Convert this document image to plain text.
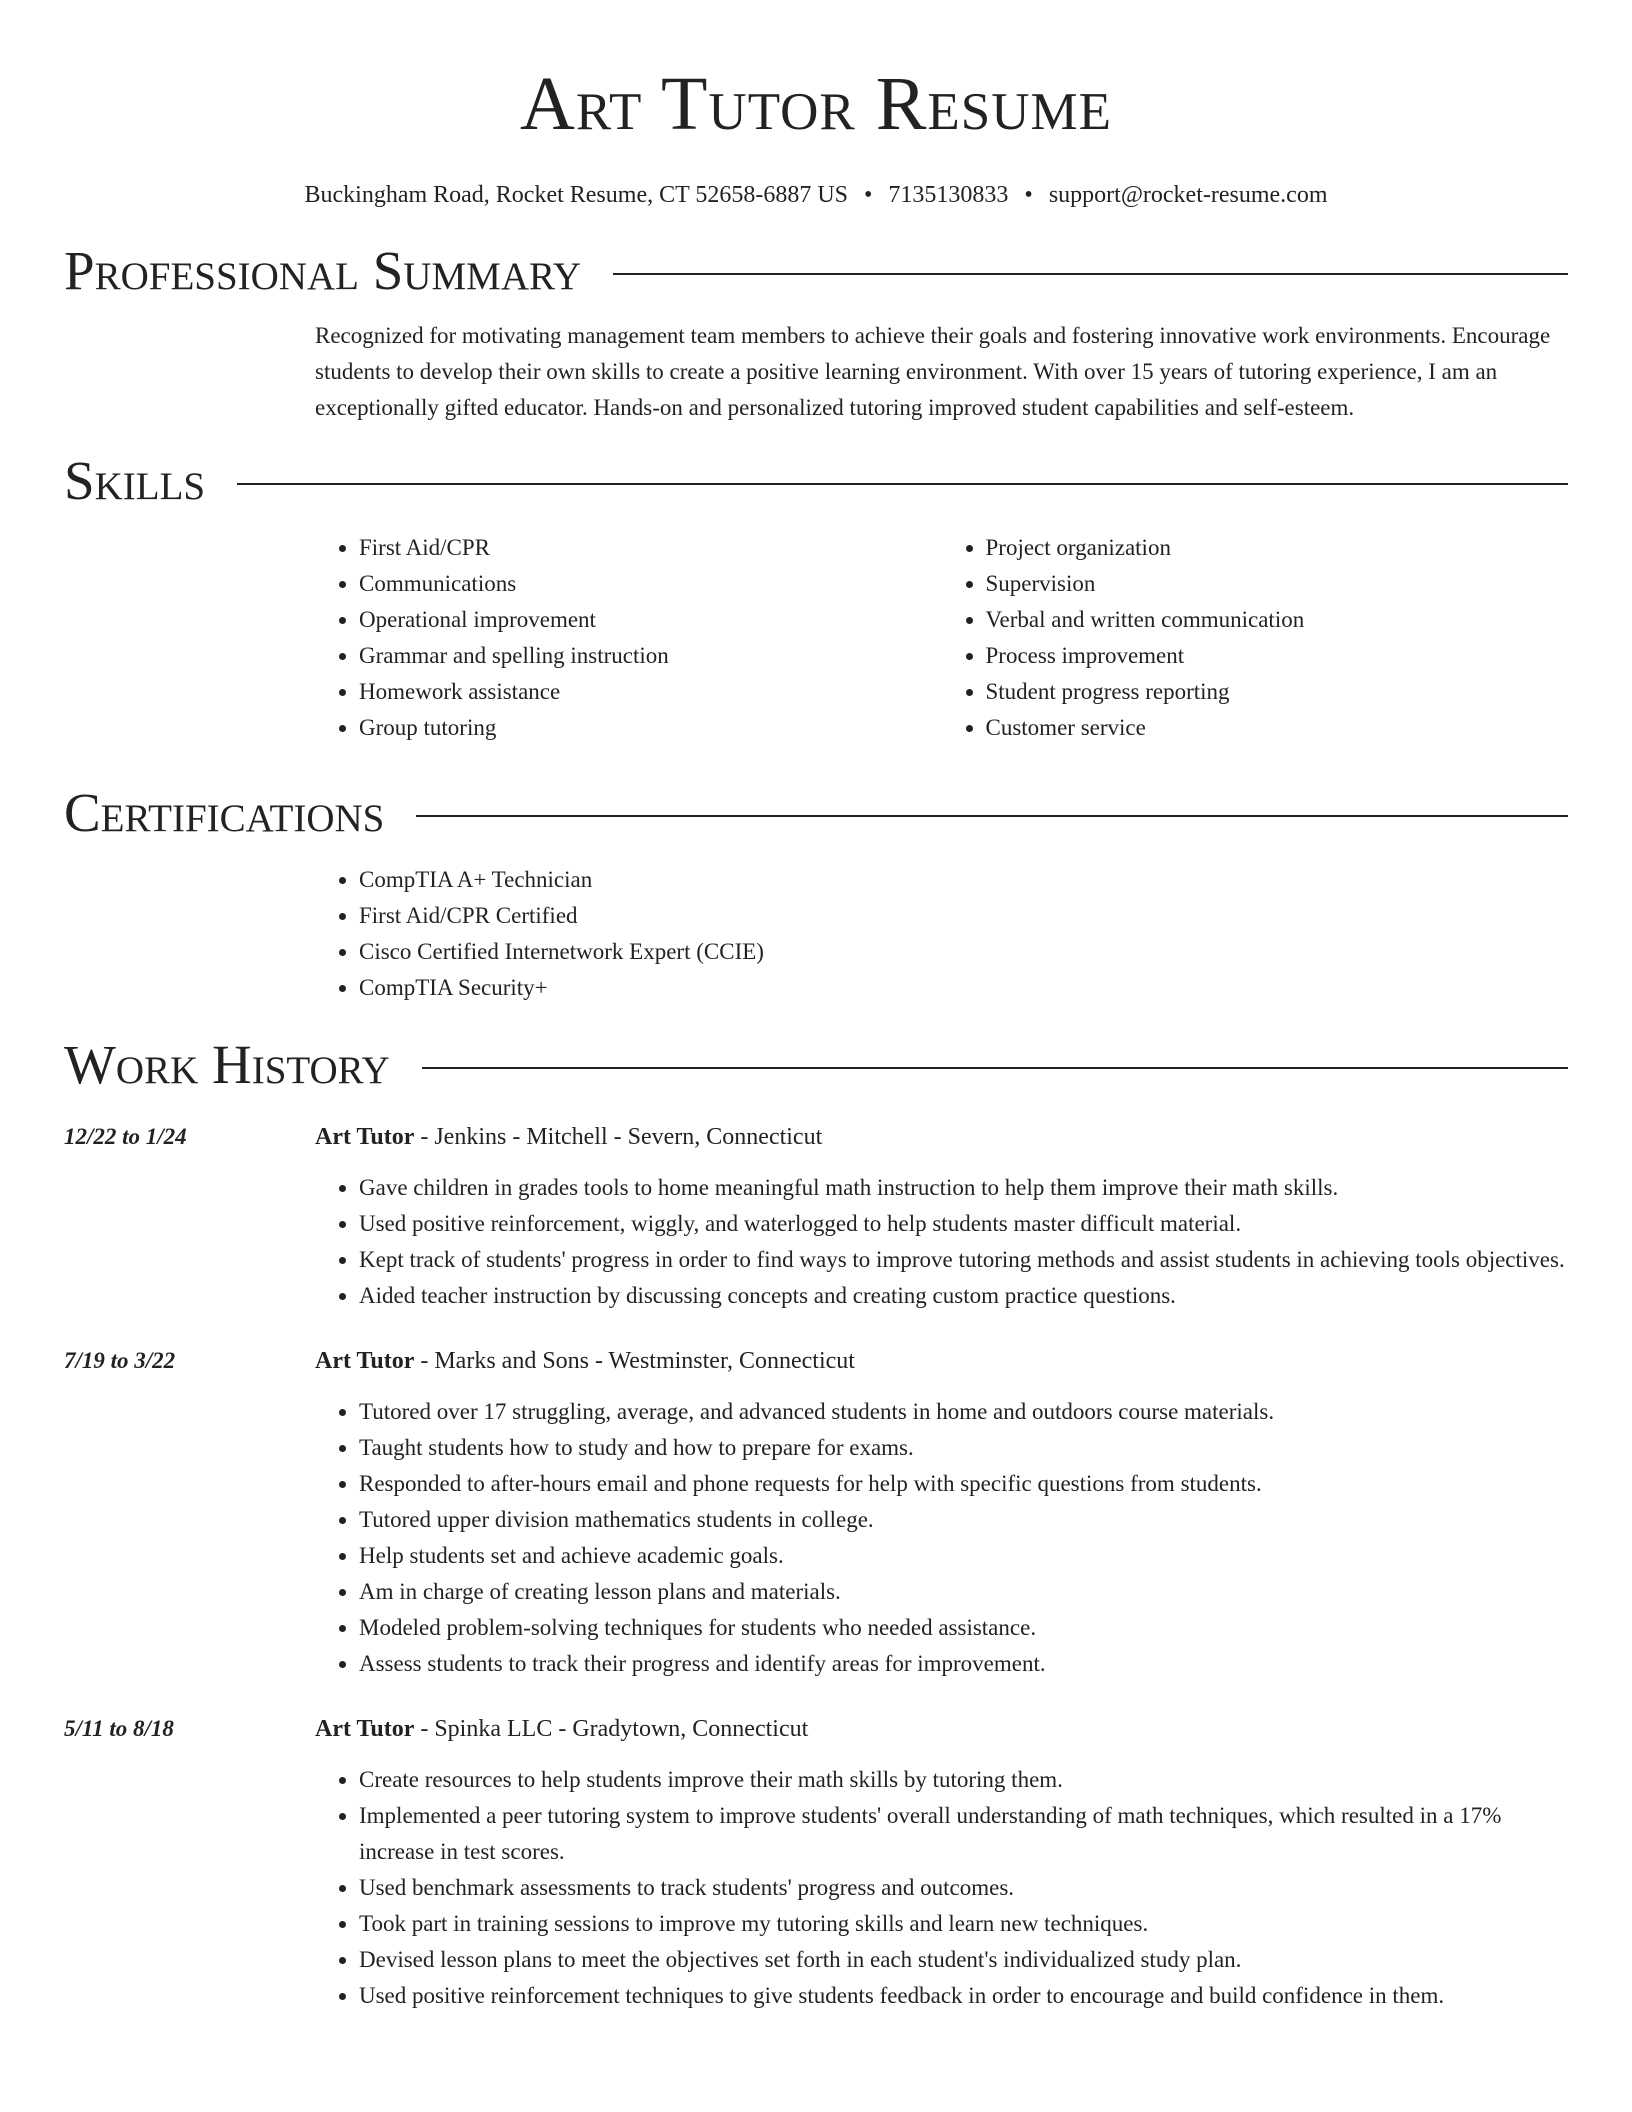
Art Tutor Resume
Buckingham Road, Rocket Resume, CT 52658-6887 US • 7135130833 • support@rocket-resume.com
Professional Summary
Recognized for motivating management team members to achieve their goals and fostering innovative work environments. Encourage students to develop their own skills to create a positive learning environment. With over 15 years of tutoring experience, I am an exceptionally gifted educator. Hands-on and personalized tutoring improved student capabilities and self-esteem.
Skills
• First Aid/CPR
• Communications
• Operational improvement
• Grammar and spelling instruction
• Homework assistance
• Group tutoring
• Project organization
• Supervision
• Verbal and written communication
• Process improvement
• Student progress reporting
• Customer service
Certifications
• CompTIA A+ Technician
• First Aid/CPR Certified
• Cisco Certified Internetwork Expert (CCIE)
• CompTIA Security+
Work History
12/22 to 1/24	Art Tutor - Jenkins - Mitchell - Severn, Connecticut
• Gave children in grades tools to home meaningful math instruction to help them improve their math skills.
• Used positive reinforcement, wiggly, and waterlogged to help students master difficult material.
• Kept track of students' progress in order to find ways to improve tutoring methods and assist students in achieving tools objectives.
• Aided teacher instruction by discussing concepts and creating custom practice questions.
7/19 to 3/22	Art Tutor - Marks and Sons - Westminster, Connecticut
• Tutored over 17 struggling, average, and advanced students in home and outdoors course materials.
• Taught students how to study and how to prepare for exams.
• Responded to after-hours email and phone requests for help with specific questions from students.
• Tutored upper division mathematics students in college.
• Help students set and achieve academic goals.
• Am in charge of creating lesson plans and materials.
• Modeled problem-solving techniques for students who needed assistance.
• Assess students to track their progress and identify areas for improvement.
5/11 to 8/18	Art Tutor - Spinka LLC - Gradytown, Connecticut
• Create resources to help students improve their math skills by tutoring them.
• Implemented a peer tutoring system to improve students' overall understanding of math techniques, which resulted in a 17% increase in test scores.
• Used benchmark assessments to track students' progress and outcomes.
• Took part in training sessions to improve my tutoring skills and learn new techniques.
• Devised lesson plans to meet the objectives set forth in each student's individualized study plan.
• Used positive reinforcement techniques to give students feedback in order to encourage and build confidence in them.
